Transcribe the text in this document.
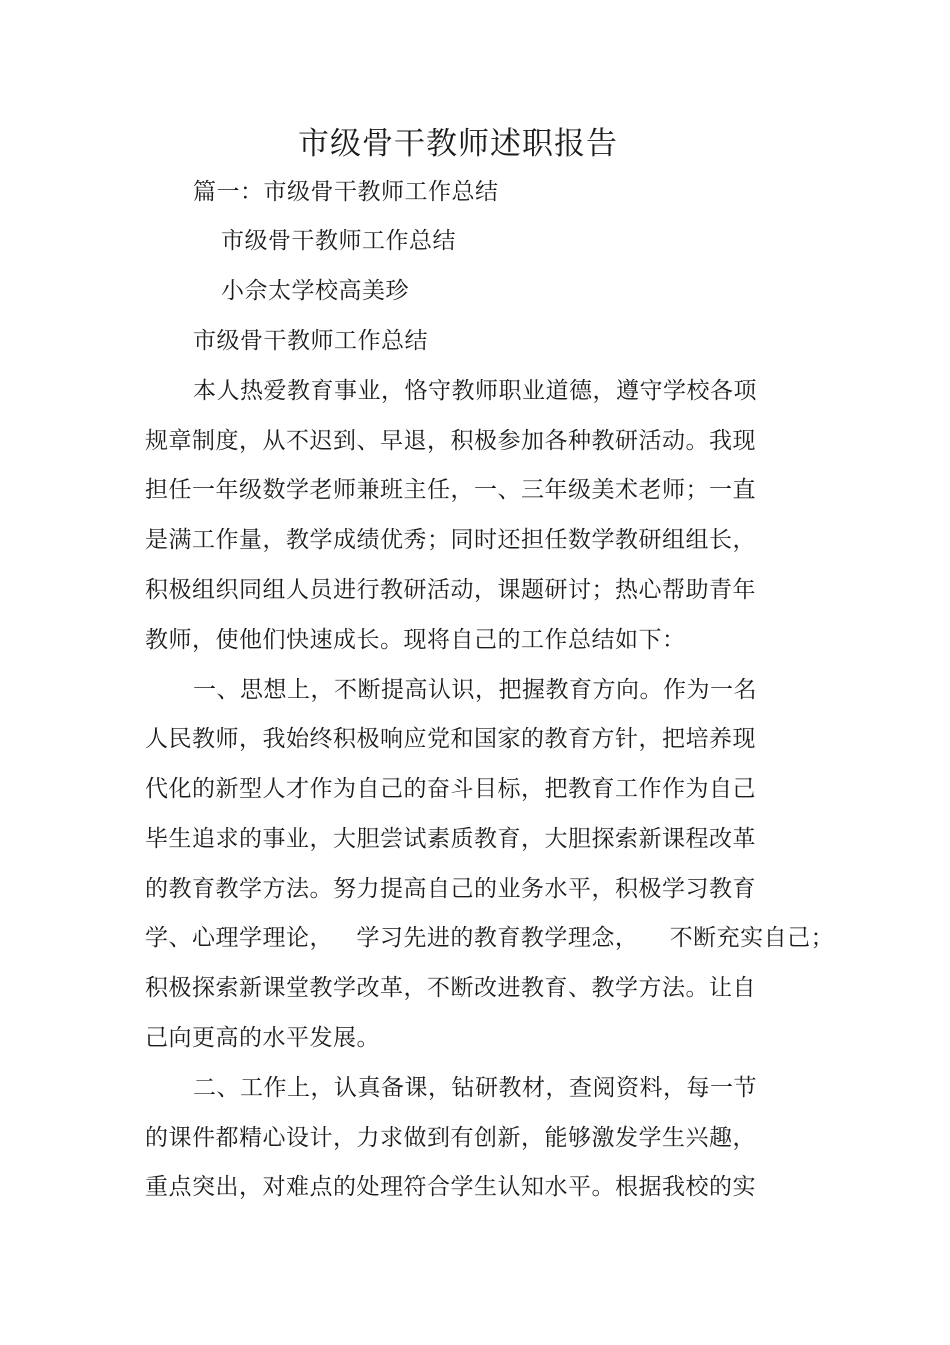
市级骨干教师述职报告
篇一：市级骨干教师工作总结
市级骨干教师工作总结
小佘太学校高美珍
市级骨干教师工作总结
本人热爱教育事业，恪守教师职业道德，遵守学校各项
规章制度，从不迟到、早退，积极参加各种教研活动。我现
担任一年级数学老师兼班主任，一、三年级美术老师；一直
是满工作量，教学成绩优秀；同时还担任数学教研组组长，
积极组织同组人员进行教研活动，课题研讨；热心帮助青年
教师，使他们快速成长。现将自己的工作总结如下：
一、思想上，不断提高认识，把握教育方向。作为一名
人民教师，我始终积极响应党和国家的教育方针，把培养现
代化的新型人才作为自己的奋斗目标，把教育工作作为自己
毕生追求的事业，大胆尝试素质教育，大胆探索新课程改革
的教育教学方法。努力提高自己的业务水平，积极学习教育
学、心理学理论，   学习先进的教育教学理念，    不断充实自己；
积极探索新课堂教学改革，不断改进教育、教学方法。让自
己向更高的水平发展。
二、工作上，认真备课，钻研教材，查阅资料，每一节
的课件都精心设计，力求做到有创新，能够激发学生兴趣，
重点突出，对难点的处理符合学生认知水平。根据我校的实
